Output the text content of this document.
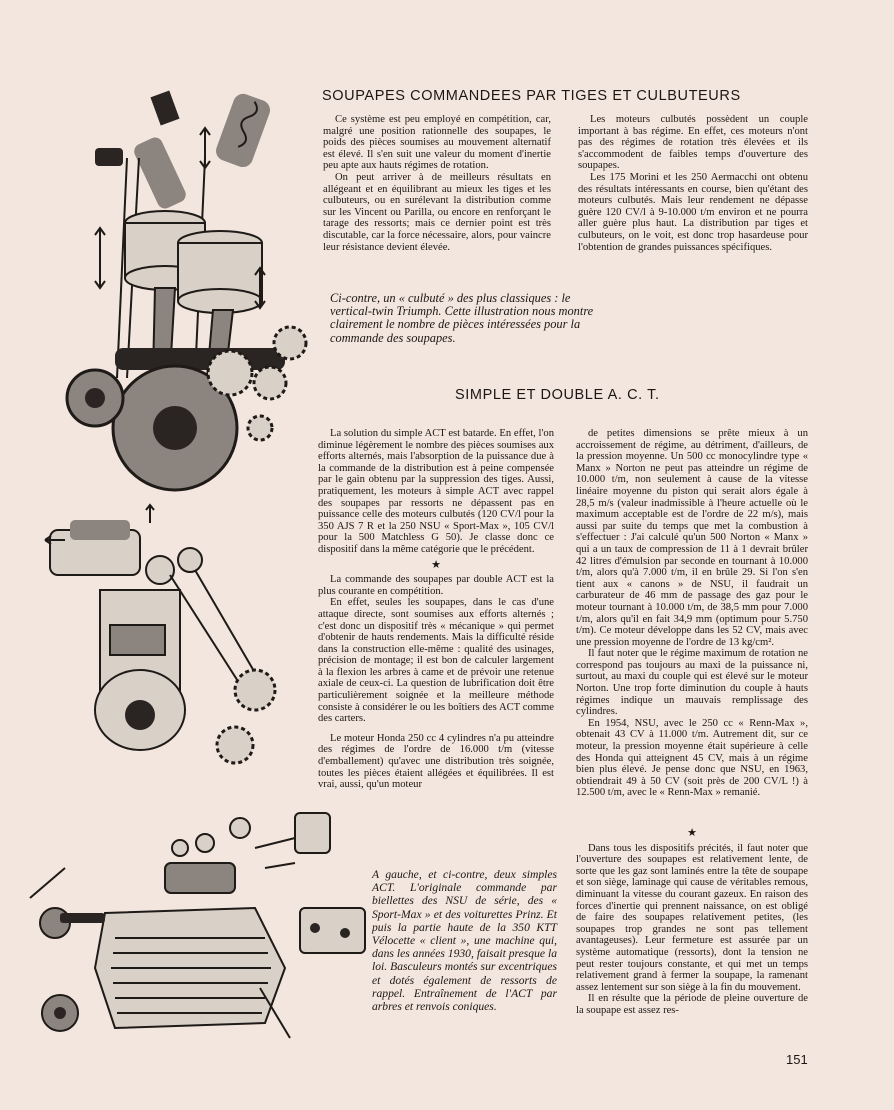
SOUPAPES COMMANDEES PAR TIGES ET CULBUTEURS

Ce système est peu employé en compétition, car, malgré une position rationnelle des soupapes, le poids des pièces soumises au mouvement alternatif est élevé. Il s'en suit une valeur du moment d'inertie peu apte aux hauts régimes de rotation.

On peut arriver à de meilleurs résultats en allégeant et en équilibrant au mieux les tiges et les culbuteurs, ou en surélevant la distribution comme sur les Vincent ou Parilla, ou encore en renforçant le tarage des ressorts; mais ce dernier point est très discutable, car la force nécessaire, alors, pour vaincre leur résistance devient élevée.

Les moteurs culbutés possèdent un couple important à bas régime. En effet, ces moteurs n'ont pas des régimes de rotation très élevées et ils s'accommodent de faibles temps d'ouverture des soupapes.

Les 175 Morini et les 250 Aermacchi ont obtenu des résultats intéressants en course, bien qu'étant des moteurs culbutés. Mais leur rendement ne dépasse guère 120 CV/l à 9-10.000 t/m environ et ne pourra aller guère plus haut. La distribution par tiges et culbuteurs, on le voit, est donc trop hasardeuse pour l'obtention de grandes puissances spécifiques.

Ci-contre, un « culbuté » des plus classiques : le vertical-twin Triumph. Cette illustration nous montre clairement le nombre de pièces intéressées pour la commande des soupapes.
SIMPLE ET DOUBLE A. C. T.

La solution du simple ACT est batarde. En effet, l'on diminue légèrement le nombre des pièces soumises aux efforts alternés, mais l'absorption de la puissance due à la commande de la distribution est à peine compensée par le gain obtenu par la suppression des tiges. Aussi, pratiquement, les moteurs à simple ACT avec rappel des soupapes par ressorts ne dépassent pas en puissance celle des moteurs culbutés (120 CV/l pour la 350 AJS 7 R et la 250 NSU « Sport-Max », 105 CV/l pour la 500 Matchless G 50). Je classe donc ce dispositif dans la même catégorie que le précédent.

★

La commande des soupapes par double ACT est la plus courante en compétition.

En effet, seules les soupapes, dans le cas d'une attaque directe, sont soumises aux efforts alternés ; c'est donc un dispositif très « mécanique » qui permet d'obtenir de hauts rendements. Mais la difficulté réside dans la construction elle-même : qualité des usinages, précision de montage; il est bon de calculer largement à la flexion les arbres à came et de prévoir une retenue axiale de ceux-ci. La question de lubrification doit être particulièrement soignée et la meilleure méthode consiste à considérer le ou les boîtiers des ACT comme des carters.

Le moteur Honda 250 cc 4 cylindres n'a pu atteindre des régimes de l'ordre de 16.000 t/m (vitesse d'emballement) qu'avec une distribution très soignée, toutes les pièces étaient allégées et équilibrées. Il est vrai, aussi, qu'un moteur

de petites dimensions se prête mieux à un accroissement de régime, au détriment, d'ailleurs, de la pression moyenne. Un 500 cc monocylindre type « Manx » Norton ne peut pas atteindre un régime de 10.000 t/m, non seulement à cause de la vitesse linéaire moyenne du piston qui serait alors égale à 28,5 m/s (valeur inadmissible à l'heure actuelle où le maximum acceptable est de l'ordre de 22 m/s), mais aussi par suite du temps que met la combustion à s'effectuer : J'ai calculé qu'un 500 Norton « Manx » qui a un taux de compression de 11 à 1 devrait brûler 42 litres d'émulsion par seconde en tournant à 10.000 t/m, alors qu'à 7.000 t/m, il en brûle 29. Si l'on s'en tient aux « canons » de NSU, il faudrait un carburateur de 46 mm de passage des gaz pour le moteur tournant à 10.000 t/m, de 38,5 mm pour 7.000 t/m, alors qu'il en fait 34,9 mm (optimum pour 5.750 t/m). Ce moteur développe dans les 52 CV, mais avec une pression moyenne de l'ordre de 13 kg/cm².

Il faut noter que le régime maximum de rotation ne correspond pas toujours au maxi de la puissance ni, surtout, au maxi du couple qui est élevé sur le moteur Norton. Une trop forte diminution du couple à hauts régimes indique un mauvais remplissage des cylindres.

En 1954, NSU, avec le 250 cc « Renn-Max », obtenait 43 CV à 11.000 t/m. Autrement dit, sur ce moteur, la pression moyenne était supérieure à celle des Honda qui atteignent 45 CV, mais à un régime bien plus élevé. Je pense donc que NSU, en 1963, obtiendrait 49 à 50 CV (soit près de 200 CV/L !) à 12.500 t/m, avec le « Renn-Max » remanié.

★

Dans tous les dispositifs précités, il faut noter que l'ouverture des soupapes est relativement lente, de sorte que les gaz sont laminés entre la tête de soupape et son siège, laminage qui cause de véritables remous, diminuant la vitesse du courant gazeux. En raison des forces d'inertie qui prennent naissance, on est obligé de faire des soupapes relativement petites, (les soupapes trop grandes ne sont pas tellement avantageuses). Leur fermeture est assurée par un système automatique (ressorts), dont la tension ne peut rester toujours constante, et qui met un temps relativement grand à fermer la soupape, la ramenant assez lentement sur son siège à la fin du mouvement.

Il en résulte que la période de pleine ouverture de la soupape est assez res-

A gauche, et ci-contre, deux simples ACT. L'originale commande par biellettes des NSU de série, des « Sport-Max » et des voiturettes Prinz. Et puis la partie haute de la 350 KTT Vélocette « client », une machine qui, dans les années 1930, faisait presque la loi. Basculeurs montés sur excentriques et dotés également de ressorts de rappel. Entraînement de l'ACT par arbres et renvois coniques.
151
